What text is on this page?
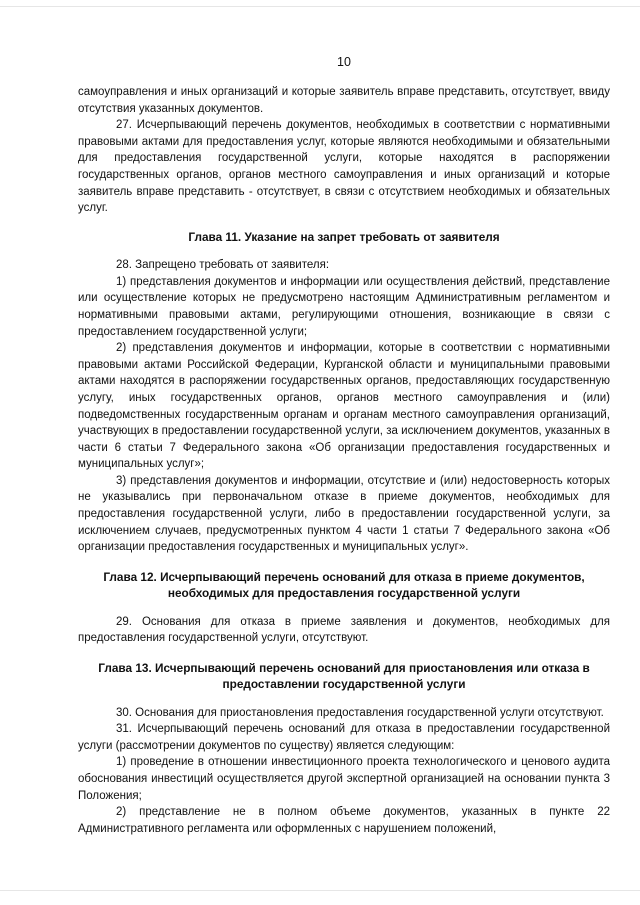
10

самоуправления и иных организаций и которые заявитель вправе представить, отсутствует, ввиду отсутствия указанных документов.

27. Исчерпывающий перечень документов, необходимых в соответствии с нормативными правовыми актами для предоставления услуг, которые являются необходимыми и обязательными для предоставления государственной услуги, которые находятся в распоряжении государственных органов, органов местного самоуправления и иных организаций и которые заявитель вправе представить - отсутствует, в связи с отсутствием необходимых и обязательных услуг.

Глава 11. Указание на запрет требовать от заявителя

28. Запрещено требовать от заявителя:

1) представления документов и информации или осуществления действий, представление или осуществление которых не предусмотрено настоящим Административным регламентом и нормативными правовыми актами, регулирующими отношения, возникающие в связи с предоставлением государственной услуги;

2) представления документов и информации, которые в соответствии с нормативными правовыми актами Российской Федерации, Курганской области и муниципальными правовыми актами находятся в распоряжении государственных органов, предоставляющих государственную услугу, иных государственных органов, органов местного самоуправления и (или) подведомственных государственным органам и органам местного самоуправления организаций, участвующих в предоставлении государственной услуги, за исключением документов, указанных в части 6 статьи 7 Федерального закона «Об организации предоставления государственных и муниципальных услуг»;

3) представления документов и информации, отсутствие и (или) недостоверность которых не указывались при первоначальном отказе в приеме документов, необходимых для предоставления государственной услуги, либо в предоставлении государственной услуги, за исключением случаев, предусмотренных пунктом 4 части 1 статьи 7 Федерального закона «Об организации предоставления государственных и муниципальных услуг».

Глава 12. Исчерпывающий перечень оснований для отказа в приеме документов, необходимых для предоставления государственной услуги

29. Основания для отказа в приеме заявления и документов, необходимых для предоставления государственной услуги, отсутствуют.

Глава 13. Исчерпывающий перечень оснований для приостановления или отказа в предоставлении государственной услуги

30. Основания для приостановления предоставления государственной услуги отсутствуют.

31. Исчерпывающий перечень оснований для отказа в предоставлении государственной услуги (рассмотрении документов по существу) является следующим:

1) проведение в отношении инвестиционного проекта технологического и ценового аудита обоснования инвестиций осуществляется другой экспертной организацией на основании пункта 3 Положения;

2) представление не в полном объеме документов, указанных в пункте 22 Административного регламента или оформленных с нарушением положений,
